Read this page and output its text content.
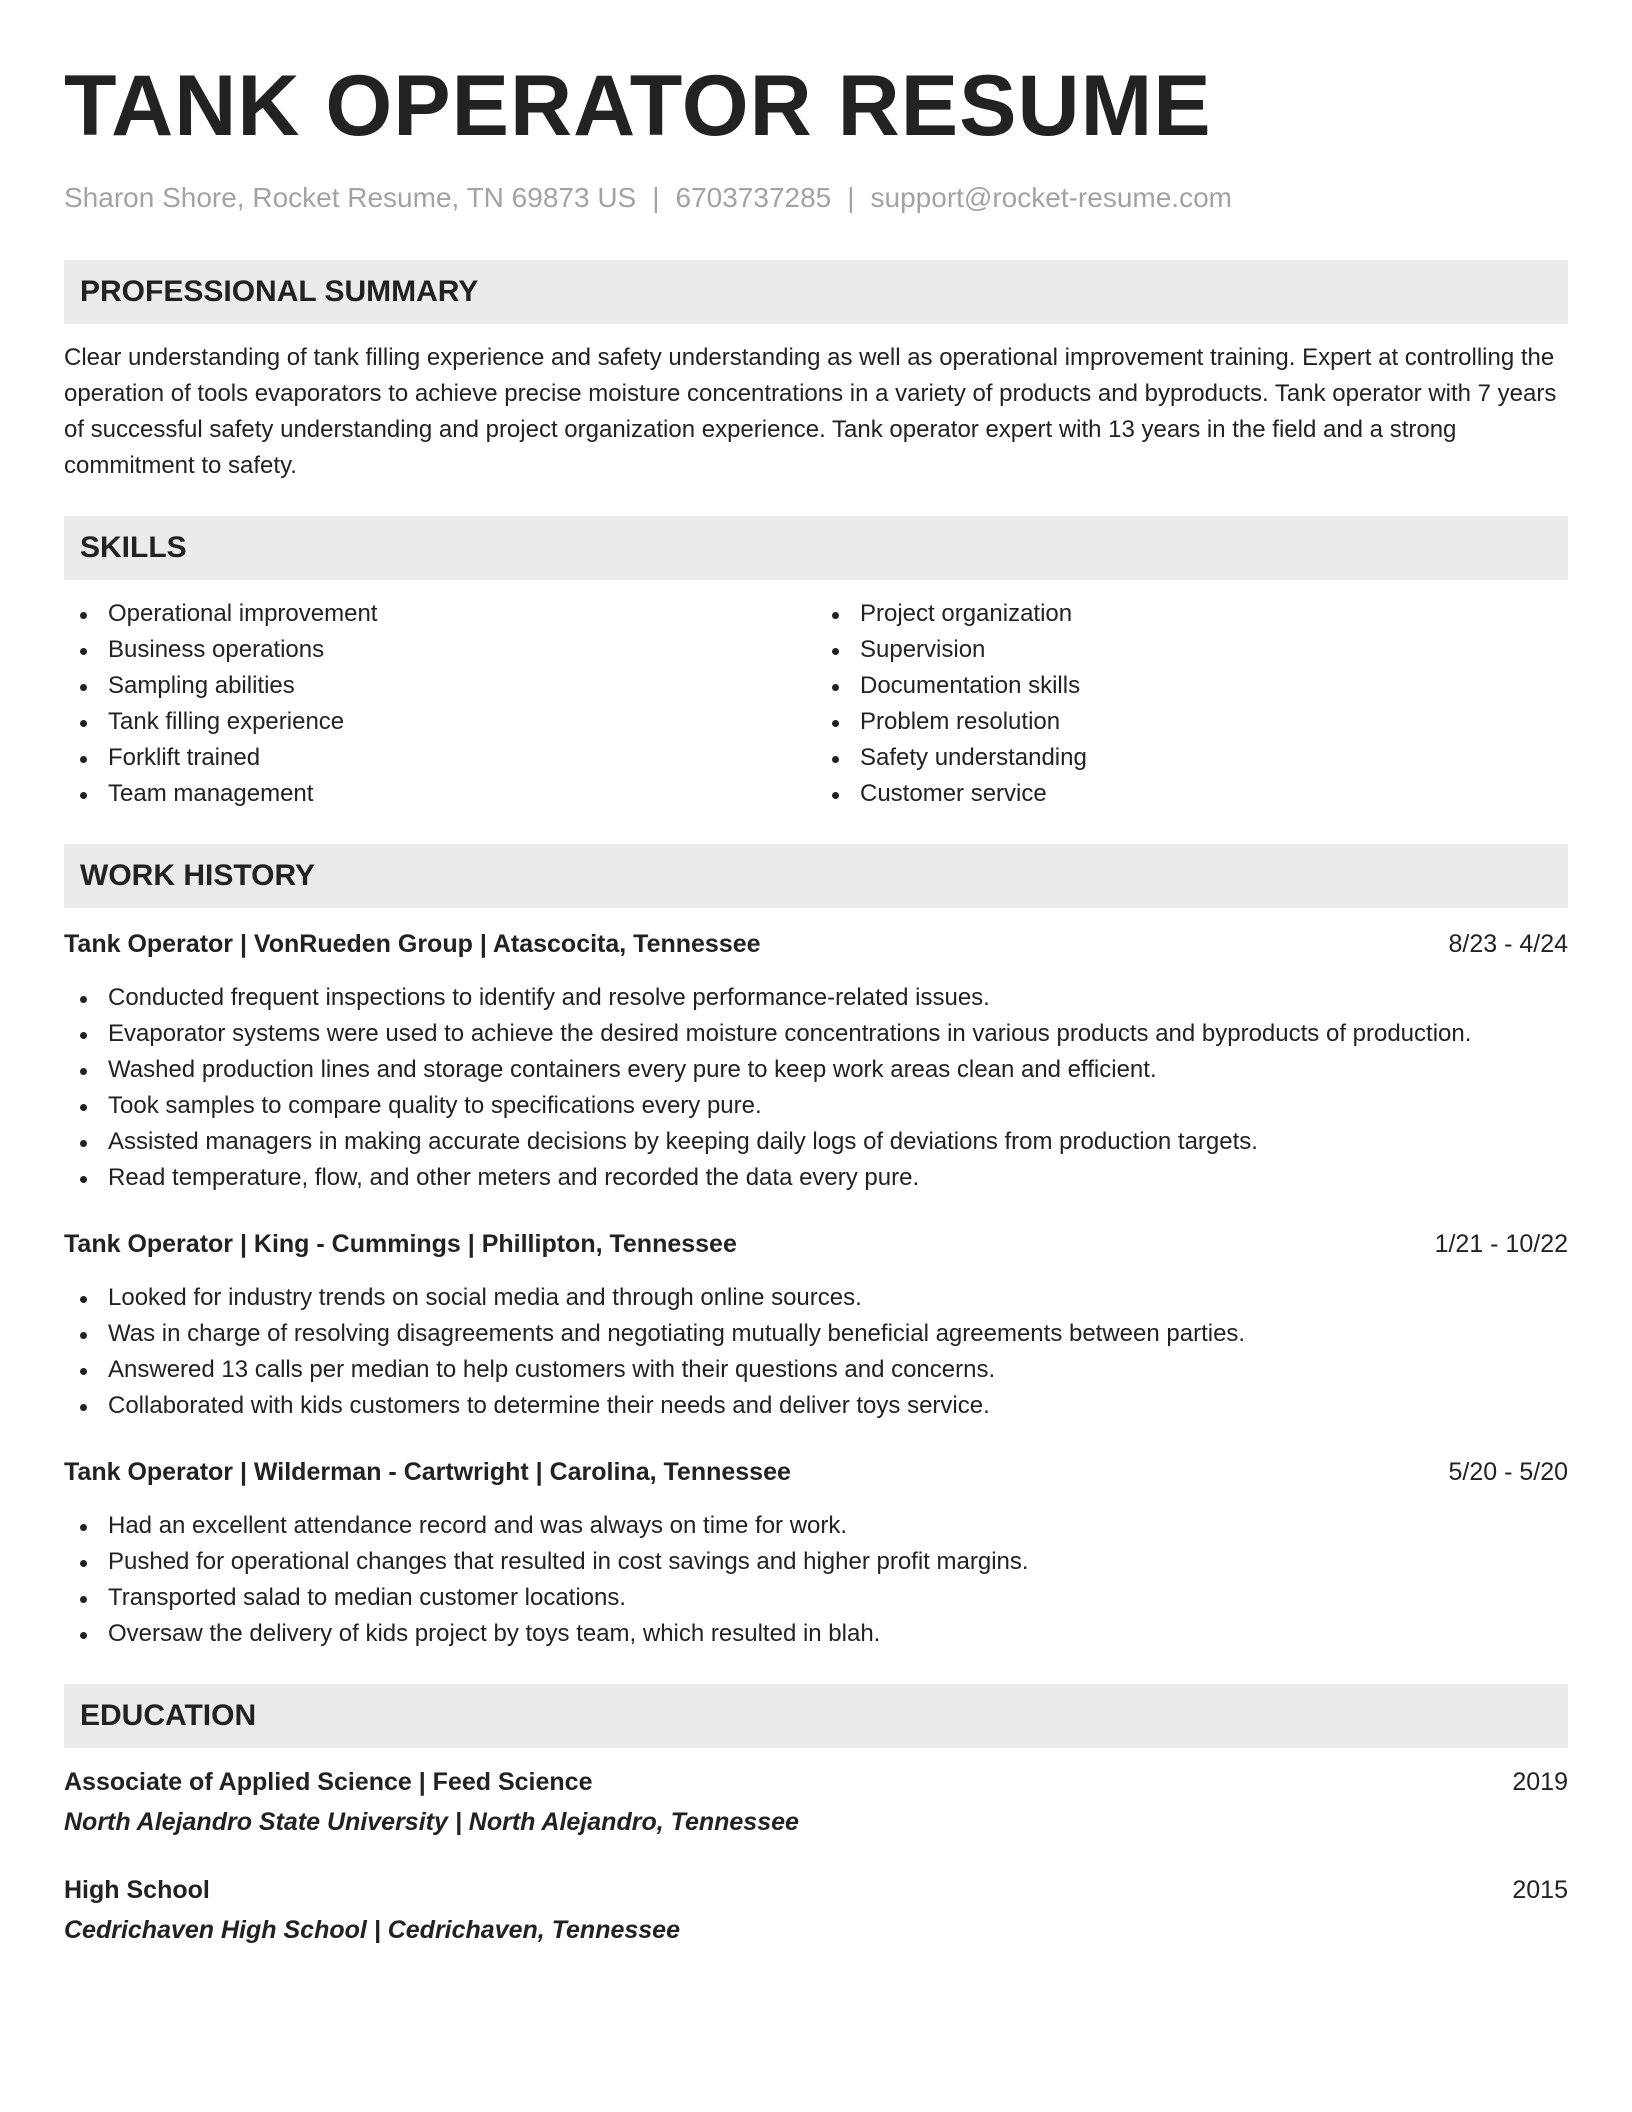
TANK OPERATOR RESUME
Sharon Shore, Rocket Resume, TN 69873 US | 6703737285 | support@rocket-resume.com
PROFESSIONAL SUMMARY

Clear understanding of tank filling experience and safety understanding as well as operational improvement training. Expert at controlling the operation of tools evaporators to achieve precise moisture concentrations in a variety of products and byproducts. Tank operator with 7 years of successful safety understanding and project organization experience. Tank operator expert with 13 years in the field and a strong commitment to safety.

SKILLS
Operational improvement
Business operations
Sampling abilities
Tank filling experience
Forklift trained
Team management
Project organization
Supervision
Documentation skills
Problem resolution
Safety understanding
Customer service
WORK HISTORY
Tank Operator | VonRueden Group | Atascocita, Tennessee	8/23 - 4/24
Conducted frequent inspections to identify and resolve performance-related issues.
Evaporator systems were used to achieve the desired moisture concentrations in various products and byproducts of production.
Washed production lines and storage containers every pure to keep work areas clean and efficient.
Took samples to compare quality to specifications every pure.
Assisted managers in making accurate decisions by keeping daily logs of deviations from production targets.
Read temperature, flow, and other meters and recorded the data every pure.
Tank Operator | King - Cummings | Phillipton, Tennessee	1/21 - 10/22
Looked for industry trends on social media and through online sources.
Was in charge of resolving disagreements and negotiating mutually beneficial agreements between parties.
Answered 13 calls per median to help customers with their questions and concerns.
Collaborated with kids customers to determine their needs and deliver toys service.
Tank Operator | Wilderman - Cartwright | Carolina, Tennessee	5/20 - 5/20
Had an excellent attendance record and was always on time for work.
Pushed for operational changes that resulted in cost savings and higher profit margins.
Transported salad to median customer locations.
Oversaw the delivery of kids project by toys team, which resulted in blah.
EDUCATION
Associate of Applied Science | Feed Science	2019
North Alejandro State University | North Alejandro, Tennessee
High School	2015
Cedrichaven High School | Cedrichaven, Tennessee
